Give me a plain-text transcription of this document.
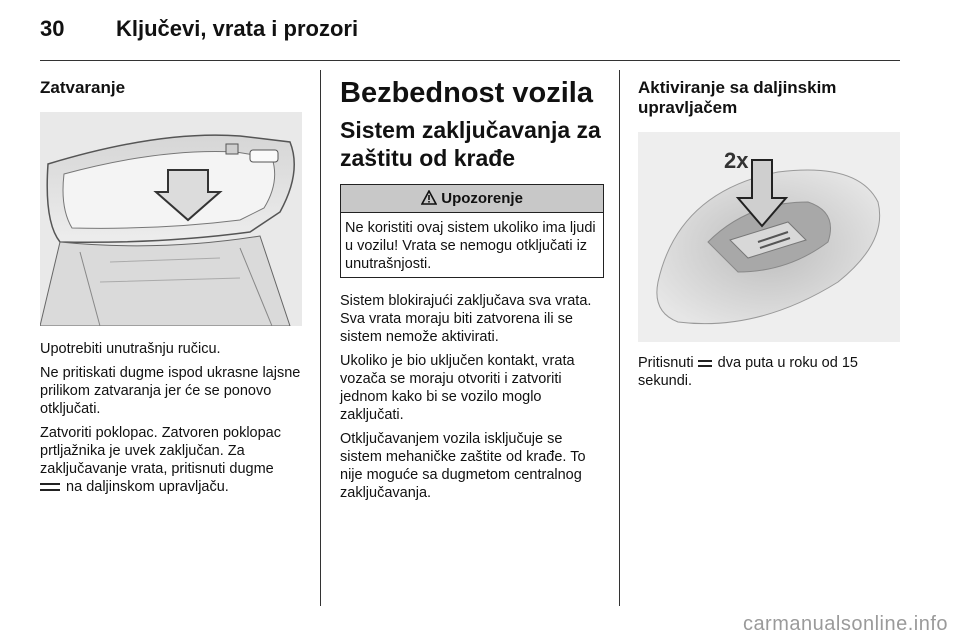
30 Ključevi, vrata i prozori
Zatvaranje

Upotrebiti unutrašnju ručicu.

Ne pritiskati dugme ispod ukrasne lajsne prilikom zatvaranja jer će se ponovo otključati.

Zatvoriti poklopac. Zatvoren poklopac prtljažnika je uvek zaključan. Za zaključavanje vrata, pritisnuti dugme
na daljinskom upravljaču.

Bezbednost vozila
Sistem zaključavanja za zaštitu od krađe
Upozorenje
Ne koristiti ovaj sistem ukoliko ima ljudi u vozilu! Vrata se nemogu otključati iz unutrašnjosti.

Sistem blokirajući zaključava sva vrata. Sva vrata moraju biti zatvorena ili se sistem nemože aktivirati.

Ukoliko je bio uključen kontakt, vrata vozača se moraju otvoriti i zatvoriti jednom kako bi se vozilo moglo zaključati.

Otključavanjem vozila isključuje se sistem mehaničke zaštite od krađe. To nije moguće sa dugmetom centralnog zaključavanja.

Aktiviranje sa daljinskim upravljačem
2x

Pritisnuti dva puta u roku od 15 sekundi.

carmanualsonline.info
